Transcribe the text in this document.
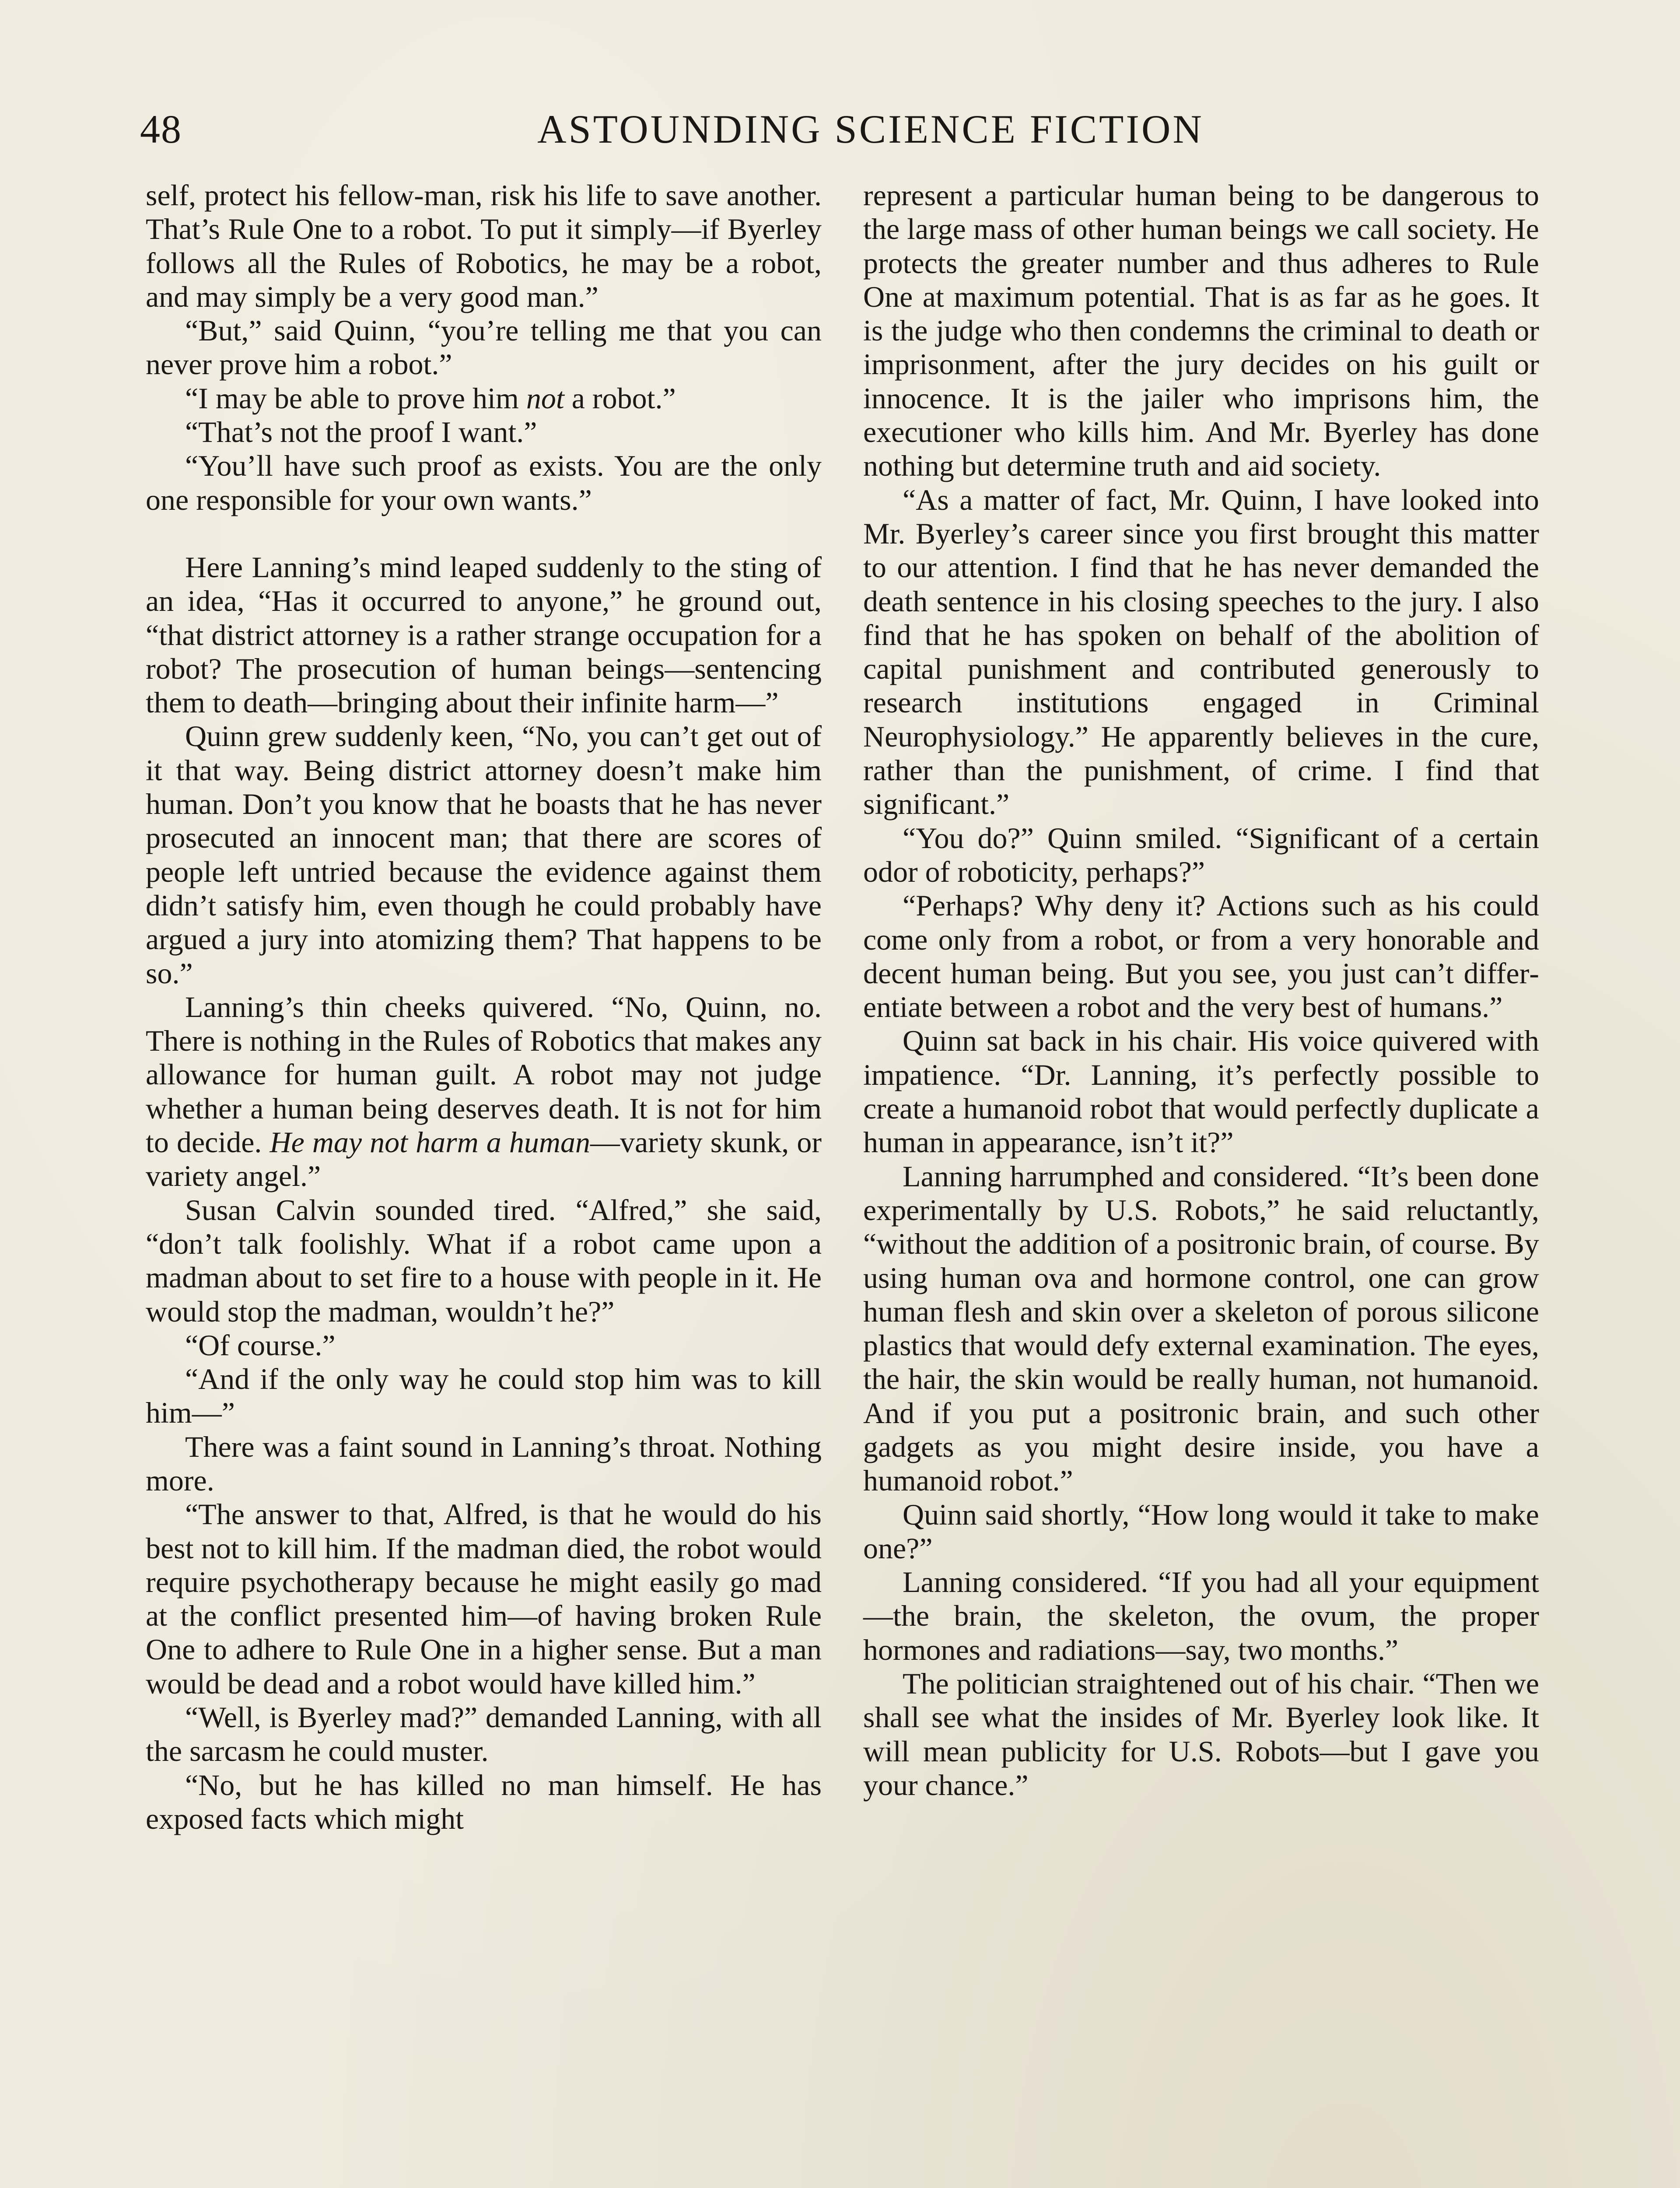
48	ASTOUNDING SCIENCE FICTION

self, protect his fellow-man, risk his life to save another. That’s Rule One to a robot. To put it simply—if Byerley follows all the Rules of Robotics, he may be a robot, and may simply be a very good man.”

“But,” said Quinn, “you’re telling me that you can never prove him a robot.”

“I may be able to prove him not a robot.”

“That’s not the proof I want.”

“You’ll have such proof as exists. You are the only one responsible for your own wants.”

Here Lanning’s mind leaped suddenly to the sting of an idea, “Has it occurred to anyone,” he ground out, “that district attorney is a rather strange occupation for a robot? The prosecution of human beings—sentencing them to death—bringing about their infinite harm—”

Quinn grew suddenly keen, “No, you can’t get out of it that way. Being district attorney doesn’t make him human. Don’t you know that he boasts that he has never prosecuted an innocent man; that there are scores of people left untried because the evidence against them didn’t satisfy him, even though he could probably have argued a jury into atomizing them? That happens to be so.”

Lanning’s thin cheeks quivered. “No, Quinn, no. There is nothing in the Rules of Robotics that makes any allowance for human guilt. A robot may not judge whether a human being deserves death. It is not for him to decide. He may not harm a human—variety skunk, or variety angel.”

Susan Calvin sounded tired. “Alfred,” she said, “don’t talk foolishly. What if a robot came upon a madman about to set fire to a house with people in it. He would stop the madman, wouldn’t he?”

“Of course.”

“And if the only way he could stop him was to kill him—”

There was a faint sound in Lanning’s throat. Nothing more.

“The answer to that, Alfred, is that he would do his best not to kill him. If the madman died, the robot would require psychotherapy because he might easily go mad at the conflict presented him—of having broken Rule One to adhere to Rule One in a higher sense. But a man would be dead and a robot would have killed him.”

“Well, is Byerley mad?” demanded Lanning, with all the sarcasm he could muster.

“No, but he has killed no man himself. He has exposed facts which might

represent a particular human being to be dangerous to the large mass of other human beings we call society. He protects the greater number and thus adheres to Rule One at maximum potential. That is as far as he goes. It is the judge who then condemns the criminal to death or imprisonment, after the jury decides on his guilt or innocence. It is the jailer who imprisons him, the executioner who kills him. And Mr. Byerley has done nothing but determine truth and aid society.

“As a matter of fact, Mr. Quinn, I have looked into Mr. Byerley’s career since you first brought this matter to our attention. I find that he has never demanded the death sentence in his closing speeches to the jury. I also find that he has spoken on behalf of the abolition of capital punishment and contributed generously to research institutions engaged in Criminal Neurophysiology.” He apparently believes in the cure, rather than the punishment, of crime. I find that significant.”

“You do?” Quinn smiled. “Significant of a certain odor of roboticity, perhaps?”

“Perhaps? Why deny it? Actions such as his could come only from a robot, or from a very honorable and decent human being. But you see, you just can’t differentiate between a robot and the very best of humans.”

Quinn sat back in his chair. His voice quivered with impatience. “Dr. Lanning, it’s perfectly possible to create a humanoid robot that would perfectly duplicate a human in appearance, isn’t it?”

Lanning harrumphed and considered. “It’s been done experimentally by U.S. Robots,” he said reluctantly, “without the addition of a positronic brain, of course. By using human ova and hormone control, one can grow human flesh and skin over a skeleton of porous silicone plastics that would defy external examination. The eyes, the hair, the skin would be really human, not humanoid. And if you put a positronic brain, and such other gadgets as you might desire inside, you have a humanoid robot.”

Quinn said shortly, “How long would it take to make one?”

Lanning considered. “If you had all your equipment—the brain, the skeleton, the ovum, the proper hormones and radiations—say, two months.”

The politician straightened out of his chair. “Then we shall see what the insides of Mr. Byerley look like. It will mean publicity for U.S. Robots—but I gave you your chance.”
